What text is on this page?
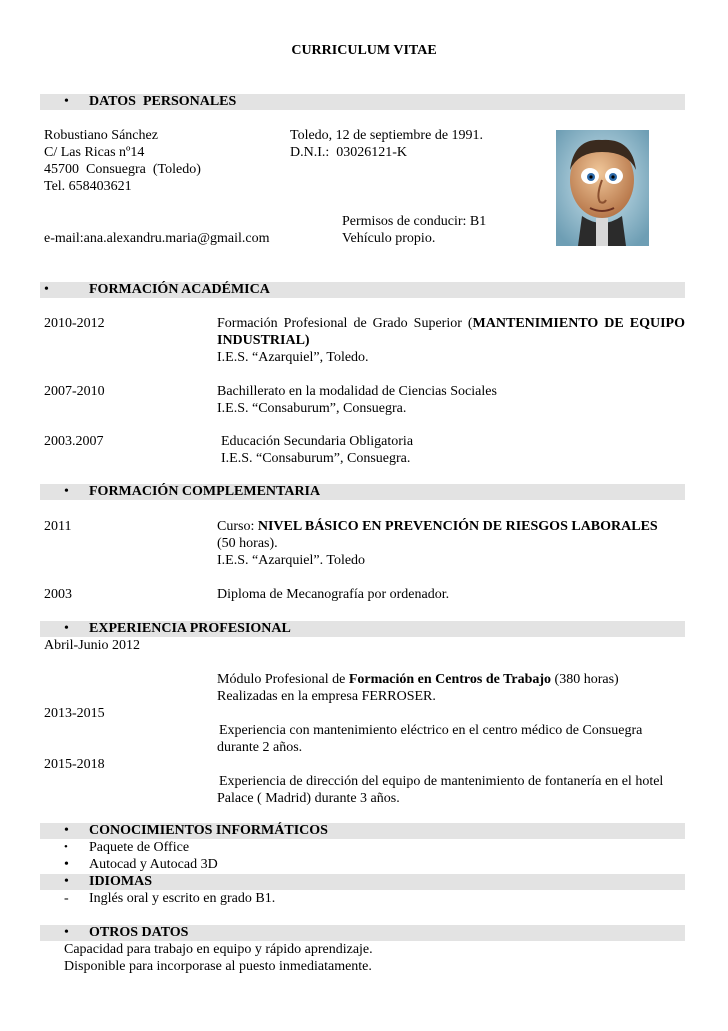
CURRICULUM VITAE
• DATOS  PERSONALES
Robustiano Sánchez
C/ Las Ricas nº14
45700  Consuegra  (Toledo)
Tel. 658403621
Toledo, 12 de septiembre de 1991.
D.N.I.:  03026121-K
Permisos de conducir: B1
Vehículo propio.
e-mail:ana.alexandru.maria@gmail.com
•	FORMACIÓN ACADÉMICA
2010-2012	Formación Profesional de Grado Superior (MANTENIMIENTO DE EQUIPO INDUSTRIAL)
I.E.S. “Azarquiel”, Toledo.
2007-2010	Bachillerato en la modalidad de Ciencias Sociales
I.E.S. “Consaburum”, Consuegra.
2003.2007	Educación Secundaria Obligatoria
I.E.S. “Consaburum”, Consuegra.
• FORMACIÓN COMPLEMENTARIA
2011	Curso: NIVEL BÁSICO EN PREVENCIÓN DE RIESGOS LABORALES
(50 horas).
I.E.S. “Azarquiel”. Toledo
2003	Diploma de Mecanografía por ordenador.
• EXPERIENCIA PROFESIONAL
Abril-Junio 2012
Módulo Profesional de Formación en Centros de Trabajo (380 horas)
Realizadas en la empresa FERROSER.
2013-2015
Experiencia con mantenimiento eléctrico en el centro médico de Consuegra
durante 2 años.
2015-2018
Experiencia de dirección del equipo de mantenimiento de fontanería en el hotel
Palace ( Madrid) durante 3 años.
• CONOCIMIENTOS INFORMÁTICOS
• Paquete de Office
• Autocad y Autocad 3D
• IDIOMAS
- Inglés oral y escrito en grado B1.
• OTROS DATOS
Capacidad para trabajo en equipo y rápido aprendizaje.
Disponible para incorporase al puesto inmediatamente.
